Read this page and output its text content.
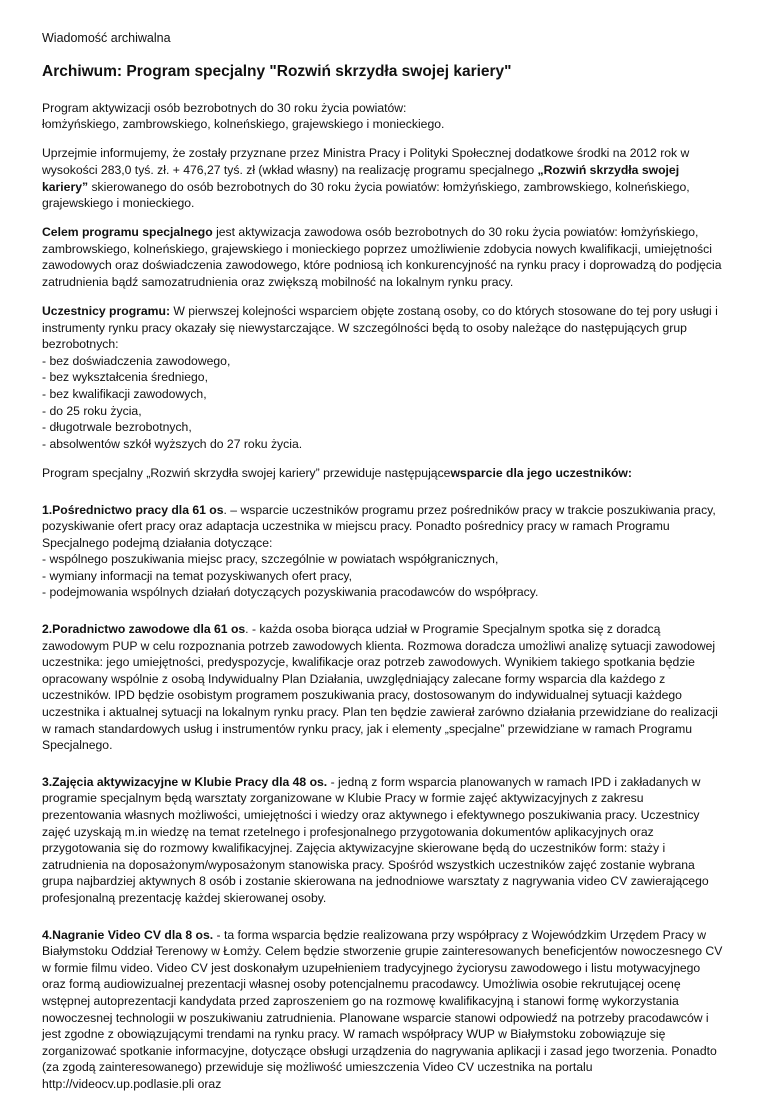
Wiadomość archiwalna
Archiwum: Program specjalny "Rozwiń skrzydła swojej kariery"

Program aktywizacji osób bezrobotnych do 30 roku życia powiatów:
łomżyńskiego, zambrowskiego, kolneńskiego, grajewskiego i monieckiego.

Uprzejmie informujemy, że zostały przyznane przez Ministra Pracy i Polityki Społecznej dodatkowe środki na 2012 rok w wysokości 283,0 tyś. zł. + 476,27 tyś. zł (wkład własny) na realizację programu specjalnego „Rozwiń skrzydła swojej kariery” skierowanego do osób bezrobotnych do 30 roku życia powiatów: łomżyńskiego, zambrowskiego, kolneńskiego, grajewskiego i monieckiego.

Celem programu specjalnego jest aktywizacja zawodowa osób bezrobotnych do 30 roku życia powiatów: łomżyńskiego, zambrowskiego, kolneńskiego, grajewskiego i monieckiego poprzez umożliwienie zdobycia nowych kwalifikacji, umiejętności zawodowych oraz doświadczenia zawodowego, które podniosą ich konkurencyjność na rynku pracy i doprowadzą do podjęcia zatrudnienia bądź samozatrudnienia oraz zwiększą mobilność na lokalnym rynku pracy.

Uczestnicy programu: W pierwszej kolejności wsparciem objęte zostaną osoby, co do których stosowane do tej pory usługi i instrumenty rynku pracy okazały się niewystarczające. W szczególności będą to osoby należące do następujących grup bezrobotnych:
- bez doświadczenia zawodowego,
- bez wykształcenia średniego,
- bez kwalifikacji zawodowych,
- do 25 roku życia,
- długotrwale bezrobotnych,
- absolwentów szkół wyższych do 27 roku życia.

Program specjalny „Rozwiń skrzydła swojej kariery” przewiduje następującewsparcie dla jego uczestników:

1.Pośrednictwo pracy dla 61 os. – wsparcie uczestników programu przez pośredników pracy w trakcie poszukiwania pracy, pozyskiwanie ofert pracy oraz adaptacja uczestnika w miejscu pracy. Ponadto pośrednicy pracy w ramach Programu Specjalnego podejmą działania dotyczące:
- wspólnego poszukiwania miejsc pracy, szczególnie w powiatach współgranicznych,
- wymiany informacji na temat pozyskiwanych ofert pracy,
- podejmowania wspólnych działań dotyczących pozyskiwania pracodawców do współpracy.

2.Poradnictwo zawodowe dla 61 os. - każda osoba biorąca udział w Programie Specjalnym spotka się z doradcą zawodowym PUP w celu rozpoznania potrzeb zawodowych klienta. Rozmowa doradcza umożliwi analizę sytuacji zawodowej uczestnika: jego umiejętności, predyspozycje, kwalifikacje oraz potrzeb zawodowych. Wynikiem takiego spotkania będzie opracowany wspólnie z osobą Indywidualny Plan Działania, uwzględniający zalecane formy wsparcia dla każdego z uczestników. IPD będzie osobistym programem poszukiwania pracy, dostosowanym do indywidualnej sytuacji każdego uczestnika i aktualnej sytuacji na lokalnym rynku pracy. Plan ten będzie zawierał zarówno działania przewidziane do realizacji w ramach standardowych usług i instrumentów rynku pracy, jak i elementy „specjalne” przewidziane w ramach Programu Specjalnego.

3.Zajęcia aktywizacyjne w Klubie Pracy dla 48 os. - jedną z form wsparcia planowanych w ramach IPD i zakładanych w programie specjalnym będą warsztaty zorganizowane w Klubie Pracy w formie zajęć aktywizacyjnych z zakresu prezentowania własnych możliwości, umiejętności i wiedzy oraz aktywnego i efektywnego poszukiwania pracy. Uczestnicy zajęć uzyskają m.in wiedzę na temat rzetelnego i profesjonalnego przygotowania dokumentów aplikacyjnych oraz przygotowania się do rozmowy kwalifikacyjnej. Zajęcia aktywizacyjne skierowane będą do uczestników form: staży i zatrudnienia na doposażonym/wyposażonym stanowiska pracy. Spośród wszystkich uczestników zajęć zostanie wybrana grupa najbardziej aktywnych 8 osób i zostanie skierowana na jednodniowe warsztaty z nagrywania video CV zawierającego profesjonalną prezentację każdej skierowanej osoby.

4.Nagranie Video CV dla 8 os. - ta forma wsparcia będzie realizowana przy współpracy z Wojewódzkim Urzędem Pracy w Białymstoku Oddział Terenowy w Łomży. Celem będzie stworzenie grupie zainteresowanych beneficjentów nowoczesnego CV w formie filmu video. Video CV jest doskonałym uzupełnieniem tradycyjnego życiorysu zawodowego i listu motywacyjnego oraz formą audiowizualnej prezentacji własnej osoby potencjalnemu pracodawcy. Umożliwia osobie rekrutującej ocenę wstępnej autoprezentacji kandydata przed zaproszeniem go na rozmowę kwalifikacyjną i stanowi formę wykorzystania nowoczesnej technologii w poszukiwaniu zatrudnienia. Planowane wsparcie stanowi odpowiedź na potrzeby pracodawców i jest zgodne z obowiązującymi trendami na rynku pracy. W ramach współpracy WUP w Białymstoku zobowiązuje się zorganizować spotkanie informacyjne, dotyczące obsługi urządzenia do nagrywania aplikacji i zasad jego tworzenia. Ponadto (za zgodą zainteresowanego) przewiduje się możliwość umieszczenia Video CV uczestnika na portalu http://videocv.up.podlasie.pli oraz
